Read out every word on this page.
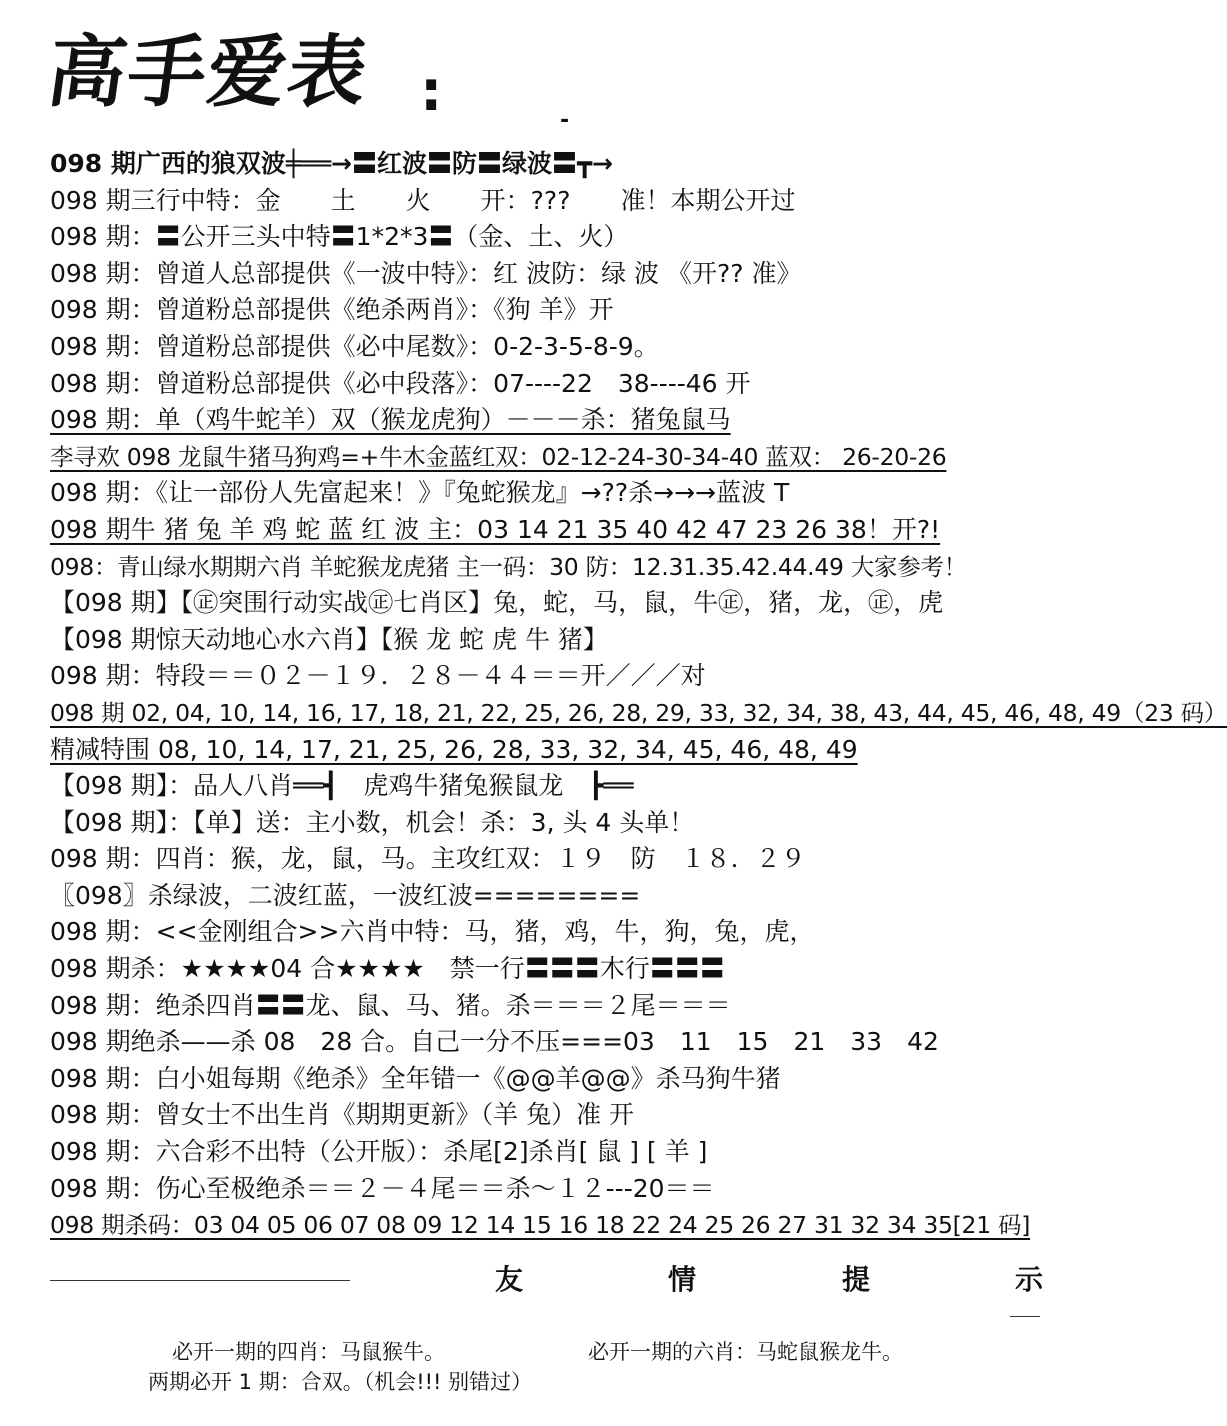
高手爱表 :	-
098 期广西的狼双波╪══→〓红波〓防〓绿波〓┳→
098 期三行中特：金　　土　　火　　开：???　　准！本期公开过
098 期：〓公开三头中特〓1*2*3〓（金、土、火）
098 期：曾道人总部提供《一波中特》：红 波防：绿 波 《开?? 准》
098 期：曾道粉总部提供《绝杀两肖》：《狗 羊》开
098 期：曾道粉总部提供《必中尾数》：0-2-3-5-8-9。
098 期：曾道粉总部提供《必中段落》：07----22　38----46 开
098 期：单（鸡牛蛇羊）双（猴龙虎狗）－－－杀：猪兔鼠马
李寻欢 098 龙鼠牛猪马狗鸡=+牛木金蓝红双：02-12-24-30-34-40 蓝双： 26-20-26
098 期：《让一部份人先富起来！》『兔蛇猴龙』→??杀→→→蓝波 T
098 期牛 猪 兔 羊 鸡 蛇 蓝 红 波 主：03 14 21 35 40 42 47 23 26 38！开?!
098：青山绿水期期六肖 羊蛇猴龙虎猪 主一码：30 防：12.31.35.42.44.49 大家参考！
【098 期】【㊣突围行动实战㊣七肖区】兔，蛇，马，鼠，牛㊣，猪，龙，㊣，虎
【098 期惊天动地心水六肖】【猴 龙 蛇 虎 牛 猪】
098 期：特段＝＝０２－１９．２８－４４＝＝开／／／对
098 期 02, 04, 10, 14, 16, 17, 18, 21, 22, 25, 26, 28, 29, 33, 32, 34, 38, 43, 44, 45, 46, 48, 49（23 码）
精减特围 08, 10, 14, 17, 21, 25, 26, 28, 33, 32, 34, 45, 46, 48, 49
【098 期】：品人八肖══┫　虎鸡牛猪兔猴鼠龙　┣══
【098 期】：【单】送：主小数，机会！杀：3, 头 4 头单！
098 期：四肖：猴，龙，鼠，马。主攻红双：１９　防　１８．２９
〖098〗杀绿波，二波红蓝，一波红波========
098 期：<<金刚组合>>六肖中特：马，猪，鸡，牛，狗，兔，虎，
098 期杀：★★★★04 合★★★★　禁一行〓〓〓木行〓〓〓
098 期：绝杀四肖〓〓龙、鼠、马、猪。杀＝＝＝２尾＝＝＝
098 期绝杀——杀 08　28 合。自己一分不压===03　11　15　21　33　42
098 期：白小姐每期《绝杀》全年错一《@@羊@@》杀马狗牛猪
098 期：曾女士不出生肖《期期更新》（羊 兔）准 开
098 期：六合彩不出特（公开版）：杀尾[2]杀肖[ 鼠 ] [ 羊 ]
098 期：伤心至极绝杀＝＝２－４尾＝＝杀～１２---20＝＝
098 期杀码：03 04 05 06 07 08 09 12 14 15 16 18 22 24 25 26 27 31 32 34 35[21 码]
友	情	提	示
必开一期的四肖：马鼠猴牛。	必开一期的六肖：马蛇鼠猴龙牛。
两期必开 1 期：合双。（机会!!! 别错过）
